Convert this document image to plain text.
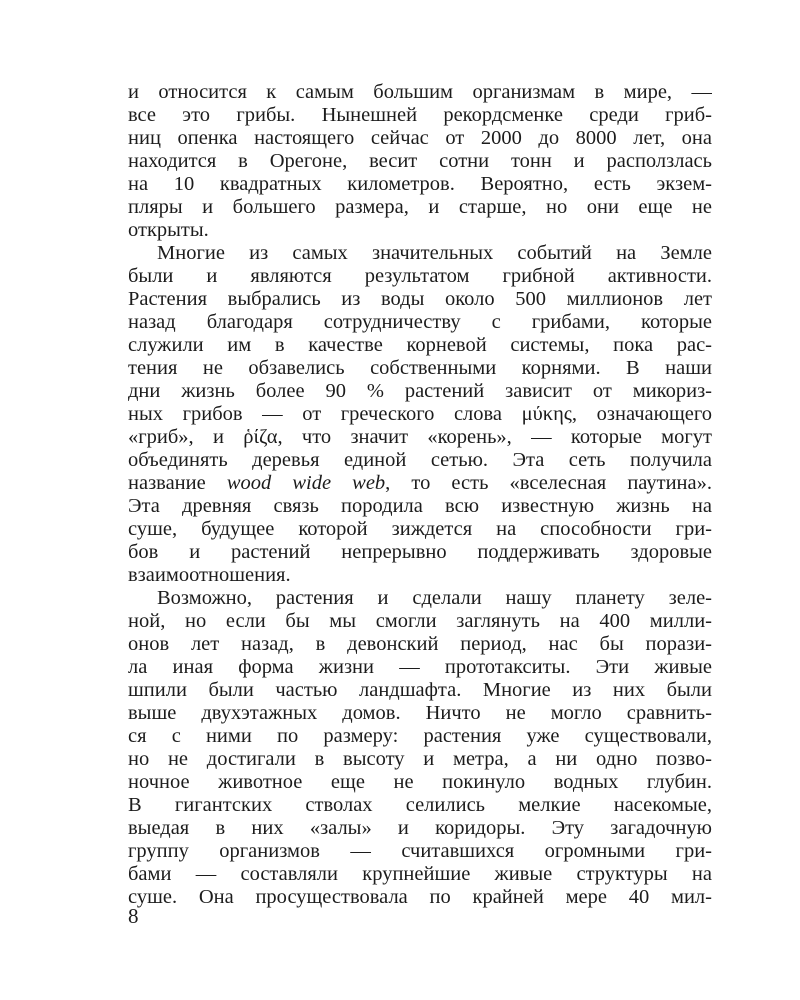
и относится к самым большим организмам в мире, —
все это грибы. Нынешней рекордсменке среди гриб-
ниц опенка настоящего сейчас от 2000 до 8000 лет, она
находится в Орегоне, весит сотни тонн и расползлась
на 10 квадратных километров. Вероятно, есть экзем-
пляры и большего размера, и старше, но они еще не
открыты.
Многие из самых значительных событий на Земле
были и являются результатом грибной активности.
Растения выбрались из воды около 500 миллионов лет
назад благодаря сотрудничеству с грибами, которые
служили им в качестве корневой системы, пока рас-
тения не обзавелись собственными корнями. В наши
дни жизнь более 90 % растений зависит от микориз-
ных грибов — от греческого слова μύκης, означающего
«гриб», и ῥίζα, что значит «корень», — которые могут
объединять деревья единой сетью. Эта сеть получила
название wood wide web, то есть «вселесная паутина».
Эта древняя связь породила всю известную жизнь на
суше, будущее которой зиждется на способности гри-
бов и растений непрерывно поддерживать здоровые
взаимоотношения.
Возможно, растения и сделали нашу планету зеле-
ной, но если бы мы смогли заглянуть на 400 милли-
онов лет назад, в девонский период, нас бы порази-
ла иная форма жизни — прототакситы. Эти живые
шпили были частью ландшафта. Многие из них были
выше двухэтажных домов. Ничто не могло сравнить-
ся с ними по размеру: растения уже существовали,
но не достигали в высоту и метра, а ни одно позво-
ночное животное еще не покинуло водных глубин.
В гигантских стволах селились мелкие насекомые,
выедая в них «залы» и коридоры. Эту загадочную
группу организмов — считавшихся огромными гри-
бами — составляли крупнейшие живые структуры на
суше. Она просуществовала по крайней мере 40 мил-
8
